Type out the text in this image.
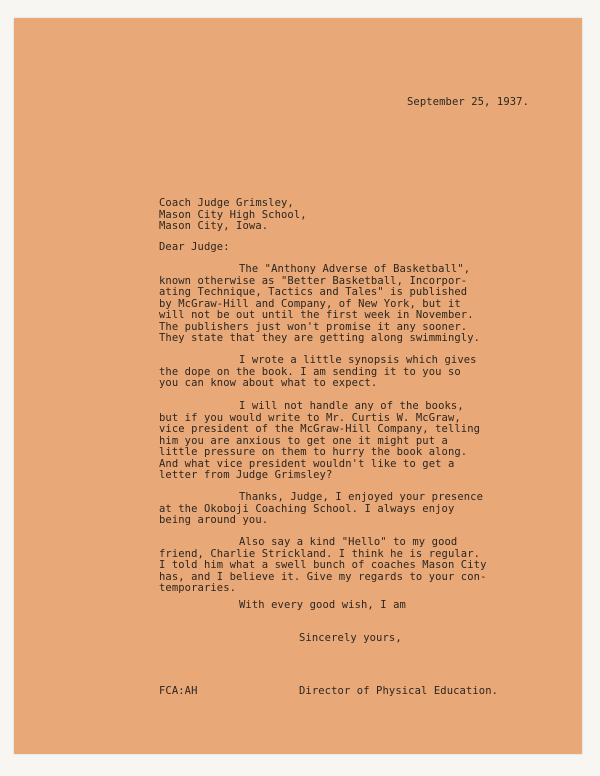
September 25, 1937.
Coach Judge Grimsley,
Mason City High School,
Mason City, Iowa.
Dear Judge:
The "Anthony Adverse of Basketball",
known otherwise as "Better Basketball, Incorpor-
ating Technique, Tactics and Tales" is published
by McGraw-Hill and Company, of New York, but it
will not be out until the first week in November.
The publishers just won't promise it any sooner.
They state that they are getting along swimmingly.
I wrote a little synopsis which gives
the dope on the book. I am sending it to you so
you can know about what to expect.
I will not handle any of the books,
but if you would write to Mr. Curtis W. McGraw,
vice president of the McGraw-Hill Company, telling
him you are anxious to get one it might put a
little pressure on them to hurry the book along.
And what vice president wouldn't like to get a
letter from Judge Grimsley?
Thanks, Judge, I enjoyed your presence
at the Okoboji Coaching School. I always enjoy
being around you.
Also say a kind "Hello" to my good
friend, Charlie Strickland. I think he is regular.
I told him what a swell bunch of coaches Mason City
has, and I believe it. Give my regards to your con-
temporaries.
With every good wish, I am
Sincerely yours,
FCA:AH	Director of Physical Education.
